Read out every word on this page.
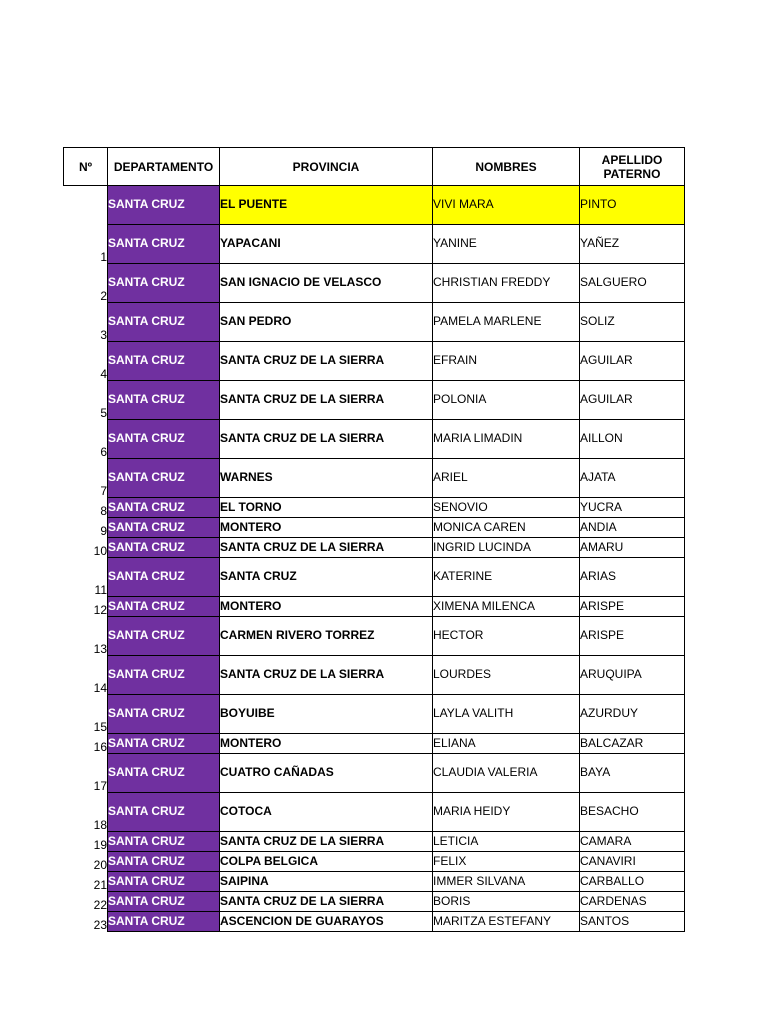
Nº	DEPARTAMENTO	PROVINCIA	NOMBRES	APELLIDO
PATERNO

	SANTA CRUZ	EL PUENTE	VIVI MARA	PINTO
1	SANTA CRUZ	YAPACANI	YANINE	YAÑEZ
2	SANTA CRUZ	SAN IGNACIO DE VELASCO	CHRISTIAN FREDDY	SALGUERO
3	SANTA CRUZ	SAN PEDRO	PAMELA MARLENE	SOLIZ
4	SANTA CRUZ	SANTA CRUZ DE LA SIERRA	EFRAIN	AGUILAR
5	SANTA CRUZ	SANTA CRUZ DE LA SIERRA	POLONIA	AGUILAR
6	SANTA CRUZ	SANTA CRUZ DE LA SIERRA	MARIA LIMADIN	AILLON
7	SANTA CRUZ	WARNES	ARIEL	AJATA
8	SANTA CRUZ	EL TORNO	SENOVIO	YUCRA
9	SANTA CRUZ	MONTERO	MONICA CAREN	ANDIA
10	SANTA CRUZ	SANTA CRUZ DE LA SIERRA	INGRID LUCINDA	AMARU
11	SANTA CRUZ	SANTA CRUZ	KATERINE	ARIAS
12	SANTA CRUZ	MONTERO	XIMENA MILENCA	ARISPE
13	SANTA CRUZ	CARMEN RIVERO TORREZ	HECTOR	ARISPE
14	SANTA CRUZ	SANTA CRUZ DE LA SIERRA	LOURDES	ARUQUIPA
15	SANTA CRUZ	BOYUIBE	LAYLA VALITH	AZURDUY
16	SANTA CRUZ	MONTERO	ELIANA	BALCAZAR
17	SANTA CRUZ	CUATRO CAÑADAS	CLAUDIA VALERIA	BAYA
18	SANTA CRUZ	COTOCA	MARIA HEIDY	BESACHO
19	SANTA CRUZ	SANTA CRUZ DE LA SIERRA	LETICIA	CAMARA
20	SANTA CRUZ	COLPA BELGICA	FELIX	CANAVIRI
21	SANTA CRUZ	SAIPINA	IMMER SILVANA	CARBALLO
22	SANTA CRUZ	SANTA CRUZ DE LA SIERRA	BORIS	CARDENAS
23	SANTA CRUZ	ASCENCION DE GUARAYOS	MARITZA ESTEFANY	SANTOS
